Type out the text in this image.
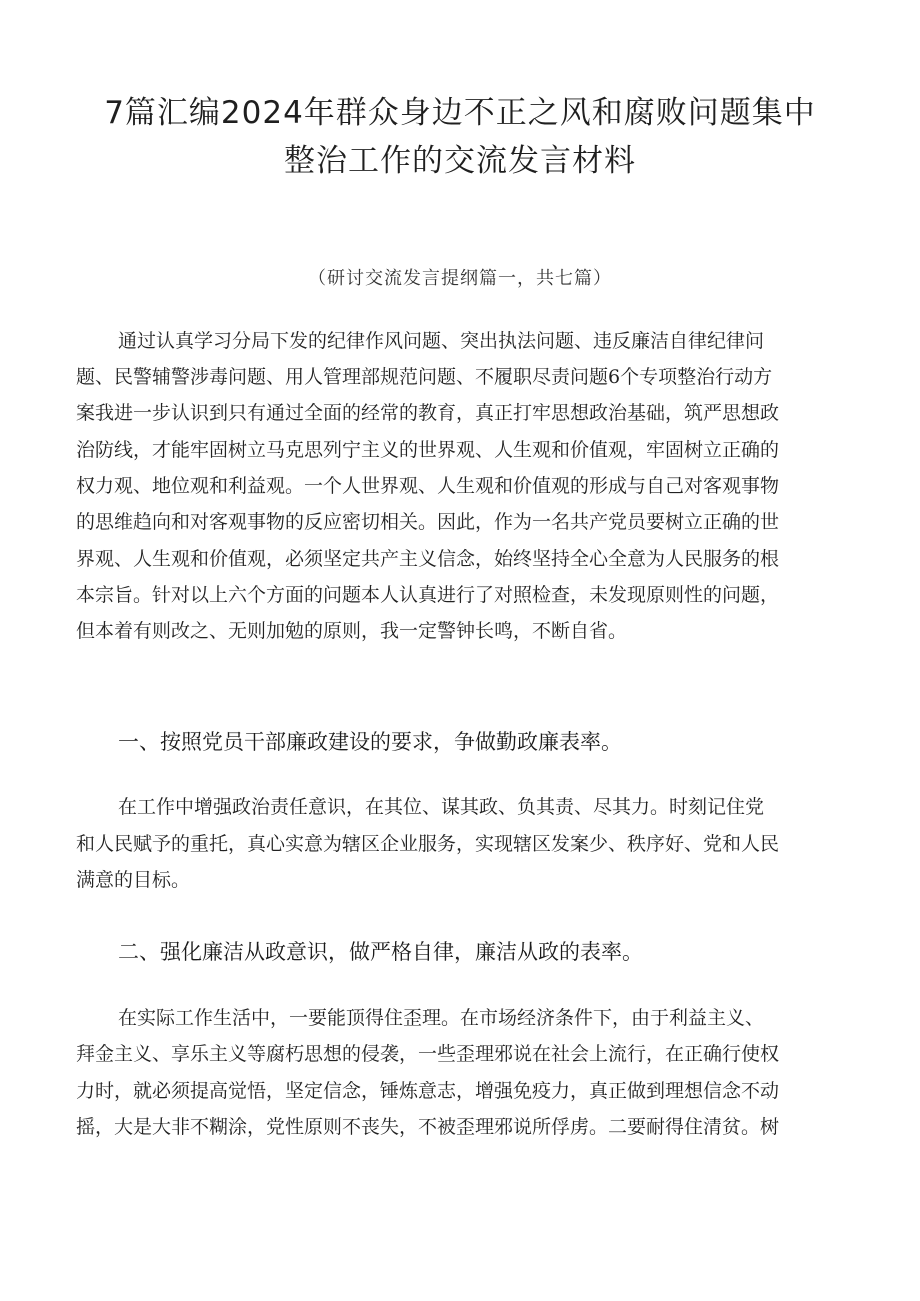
7篇汇编2024年群众身边不正之风和腐败问题集中
整治工作的交流发言材料
（研讨交流发言提纲篇一，共七篇）
通过认真学习分局下发的纪律作风问题、突出执法问题、违反廉洁自律纪律问
题、民警辅警涉毒问题、用人管理部规范问题、不履职尽责问题6个专项整治行动方
案我进一步认识到只有通过全面的经常的教育，真正打牢思想政治基础，筑严思想政
治防线，才能牢固树立马克思列宁主义的世界观、人生观和价值观，牢固树立正确的
权力观、地位观和利益观。一个人世界观、人生观和价值观的形成与自己对客观事物
的思维趋向和对客观事物的反应密切相关。因此，作为一名共产党员要树立正确的世
界观、人生观和价值观，必须坚定共产主义信念，始终坚持全心全意为人民服务的根
本宗旨。针对以上六个方面的问题本人认真进行了对照检查，未发现原则性的问题，
但本着有则改之、无则加勉的原则，我一定警钟长鸣，不断自省。
一、按照党员干部廉政建设的要求，争做勤政廉表率。
在工作中增强政治责任意识，在其位、谋其政、负其责、尽其力。时刻记住党
和人民赋予的重托，真心实意为辖区企业服务，实现辖区发案少、秩序好、党和人民
满意的目标。
二、强化廉洁从政意识，做严格自律，廉洁从政的表率。
在实际工作生活中，一要能顶得住歪理。在市场经济条件下，由于利益主义、
拜金主义、享乐主义等腐朽思想的侵袭，一些歪理邪说在社会上流行，在正确行使权
力时，就必须提高觉悟，坚定信念，锤炼意志，增强免疫力，真正做到理想信念不动
摇，大是大非不糊涂，党性原则不丧失，不被歪理邪说所俘虏。二要耐得住清贫。树
